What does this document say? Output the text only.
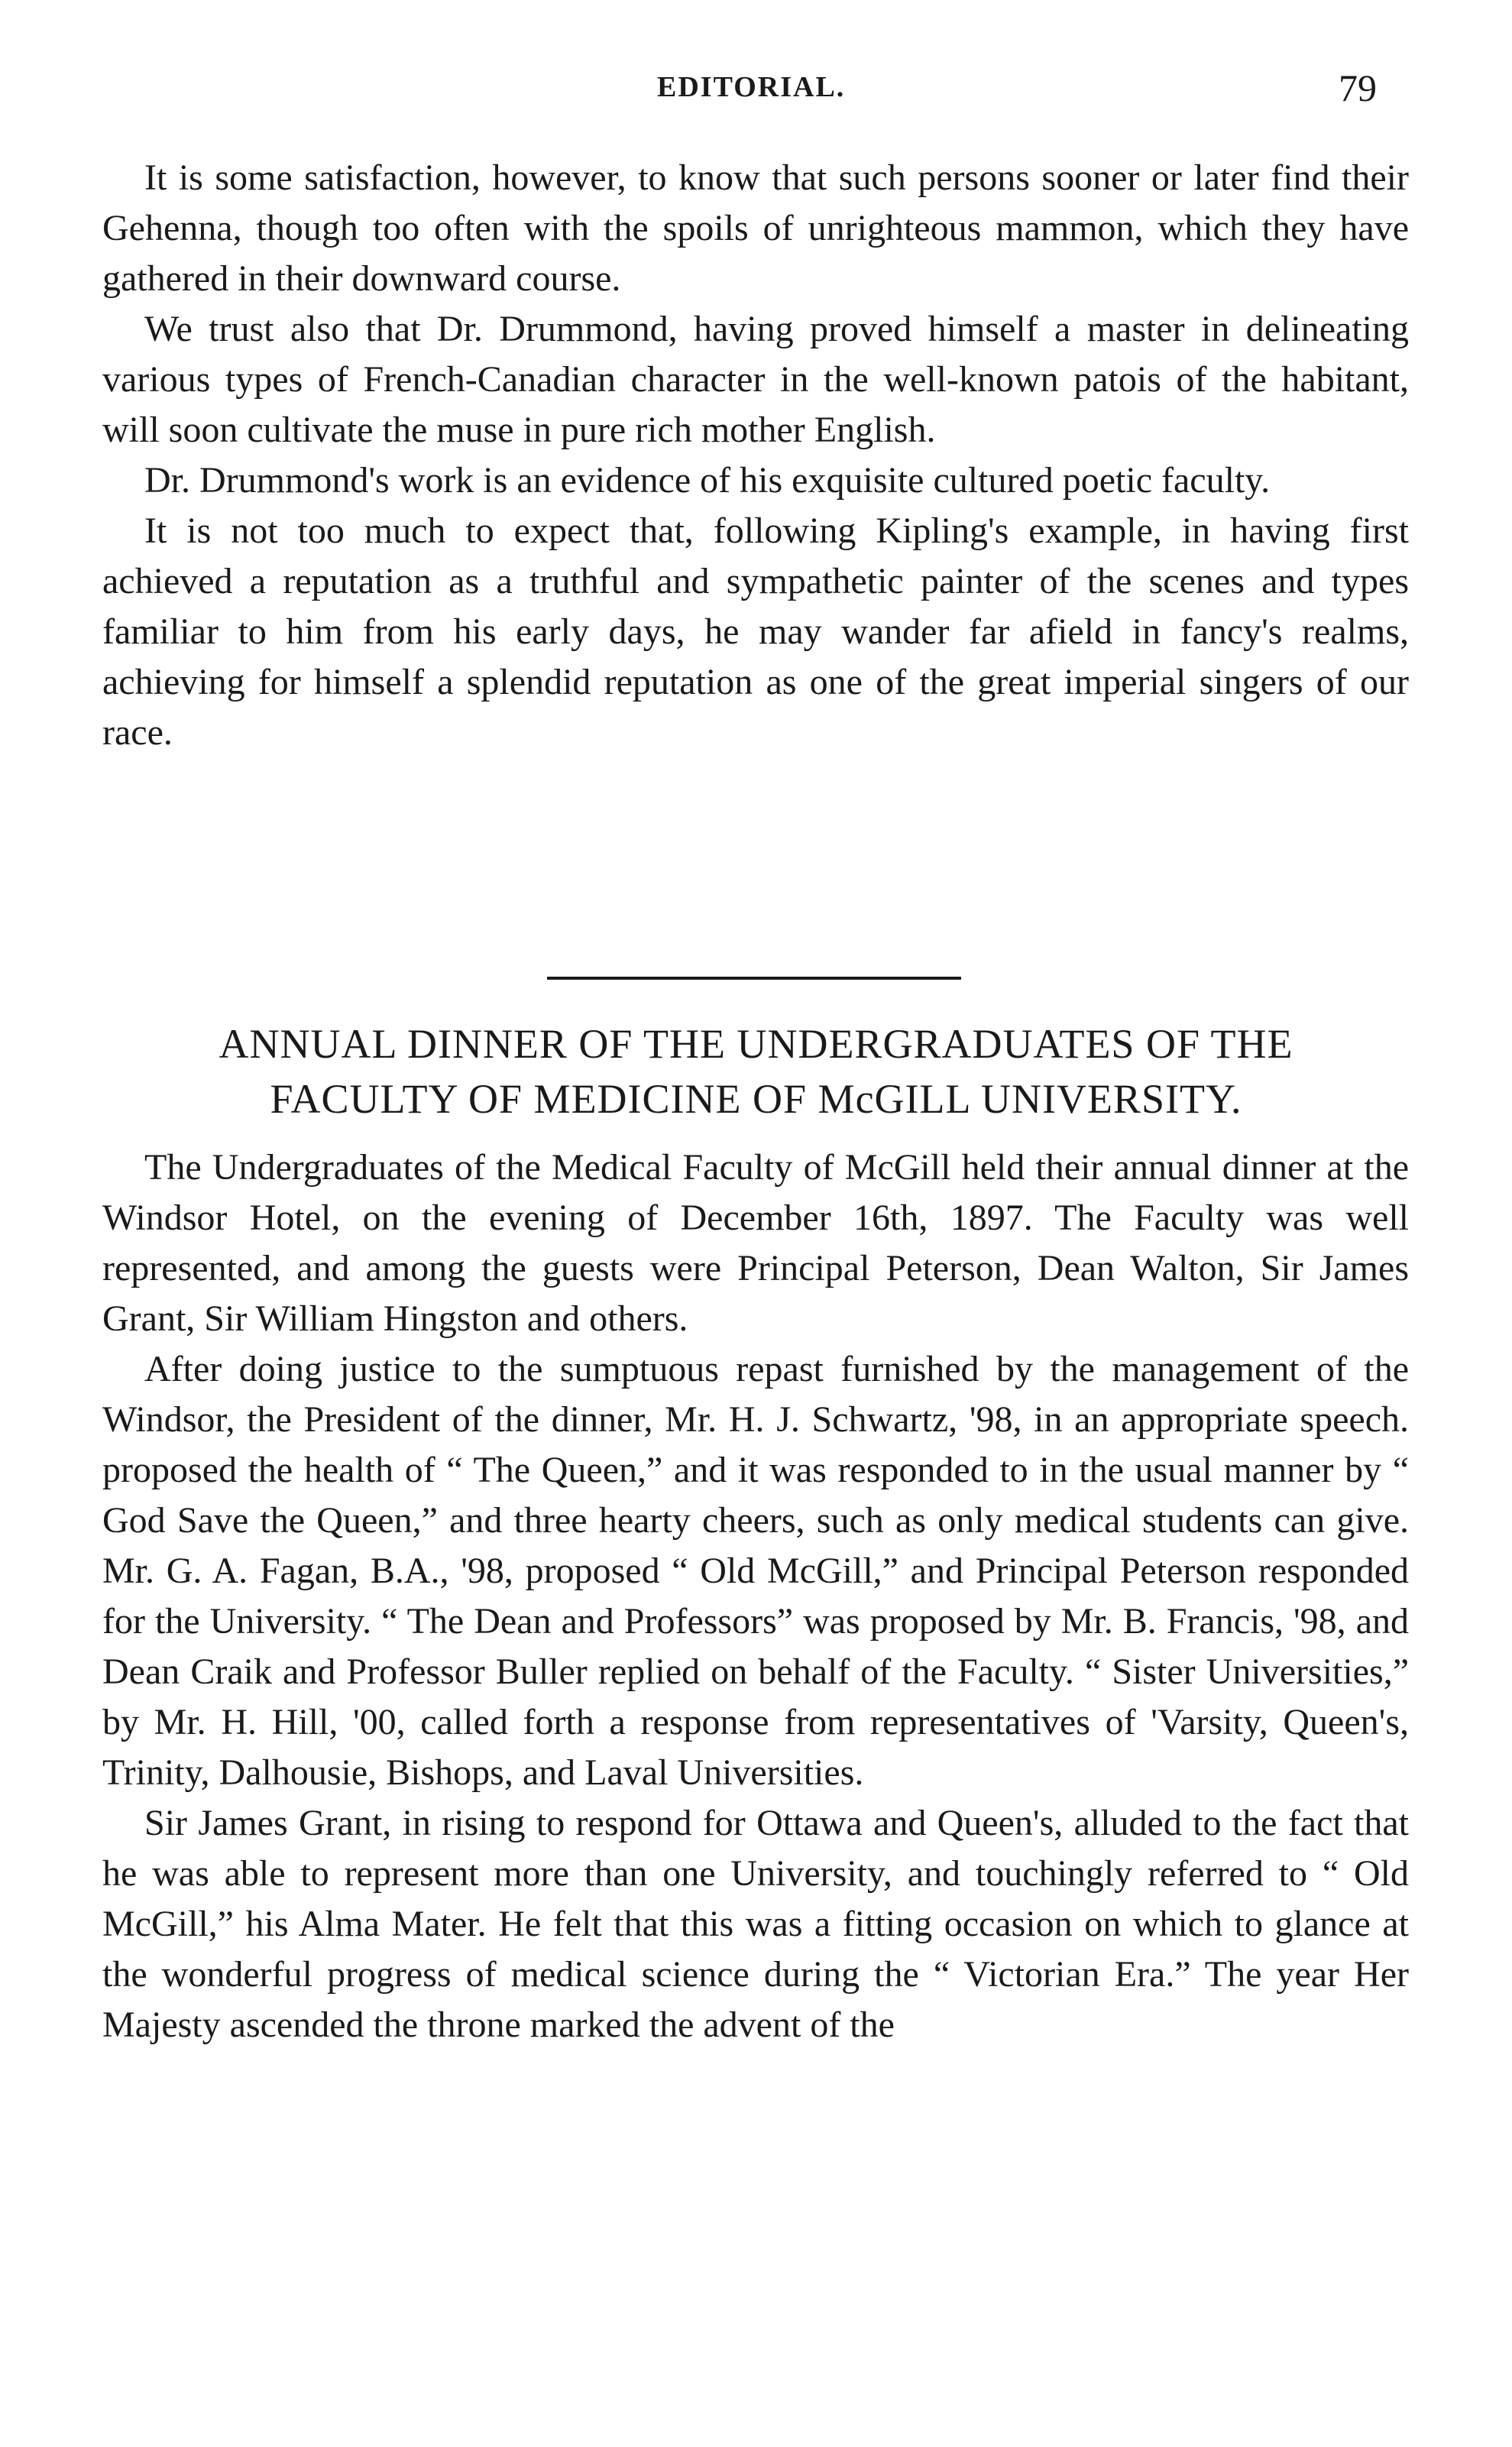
EDITORIAL.	79

It is some satisfaction, however, to know that such persons sooner or later find their Gehenna, though too often with the spoils of unrighteous mammon, which they have gathered in their downward course.

We trust also that Dr. Drummond, having proved himself a master in delineating various types of French-Canadian character in the well-known patois of the habitant, will soon cultivate the muse in pure rich mother English.

Dr. Drummond's work is an evidence of his exquisite cultured poetic faculty.

It is not too much to expect that, following Kipling's example, in having first achieved a reputation as a truthful and sympathetic painter of the scenes and types familiar to him from his early days, he may wander far afield in fancy's realms, achieving for himself a splendid reputation as one of the great imperial singers of our race.

ANNUAL DINNER OF THE UNDERGRADUATES OF THE
FACULTY OF MEDICINE OF McGILL UNIVERSITY.

The Undergraduates of the Medical Faculty of McGill held their annual dinner at the Windsor Hotel, on the evening of December 16th, 1897. The Faculty was well represented, and among the guests were Principal Peterson, Dean Walton, Sir James Grant, Sir William Hingston and others.

After doing justice to the sumptuous repast furnished by the management of the Windsor, the President of the dinner, Mr. H. J. Schwartz, '98, in an appropriate speech. proposed the health of “ The Queen,” and it was responded to in the usual manner by “ God Save the Queen,” and three hearty cheers, such as only medical students can give. Mr. G. A. Fagan, B.A., '98, proposed “ Old McGill,” and Principal Peterson responded for the University. “ The Dean and Professors” was proposed by Mr. B. Francis, '98, and Dean Craik and Professor Buller replied on behalf of the Faculty. “ Sister Universities,” by Mr. H. Hill, '00, called forth a response from representatives of 'Varsity, Queen's, Trinity, Dalhousie, Bishops, and Laval Universities.

Sir James Grant, in rising to respond for Ottawa and Queen's, alluded to the fact that he was able to represent more than one University, and touchingly referred to “ Old McGill,” his Alma Mater. He felt that this was a fitting occasion on which to glance at the wonderful progress of medical science during the “ Victorian Era.” The year Her Majesty ascended the throne marked the advent of the
